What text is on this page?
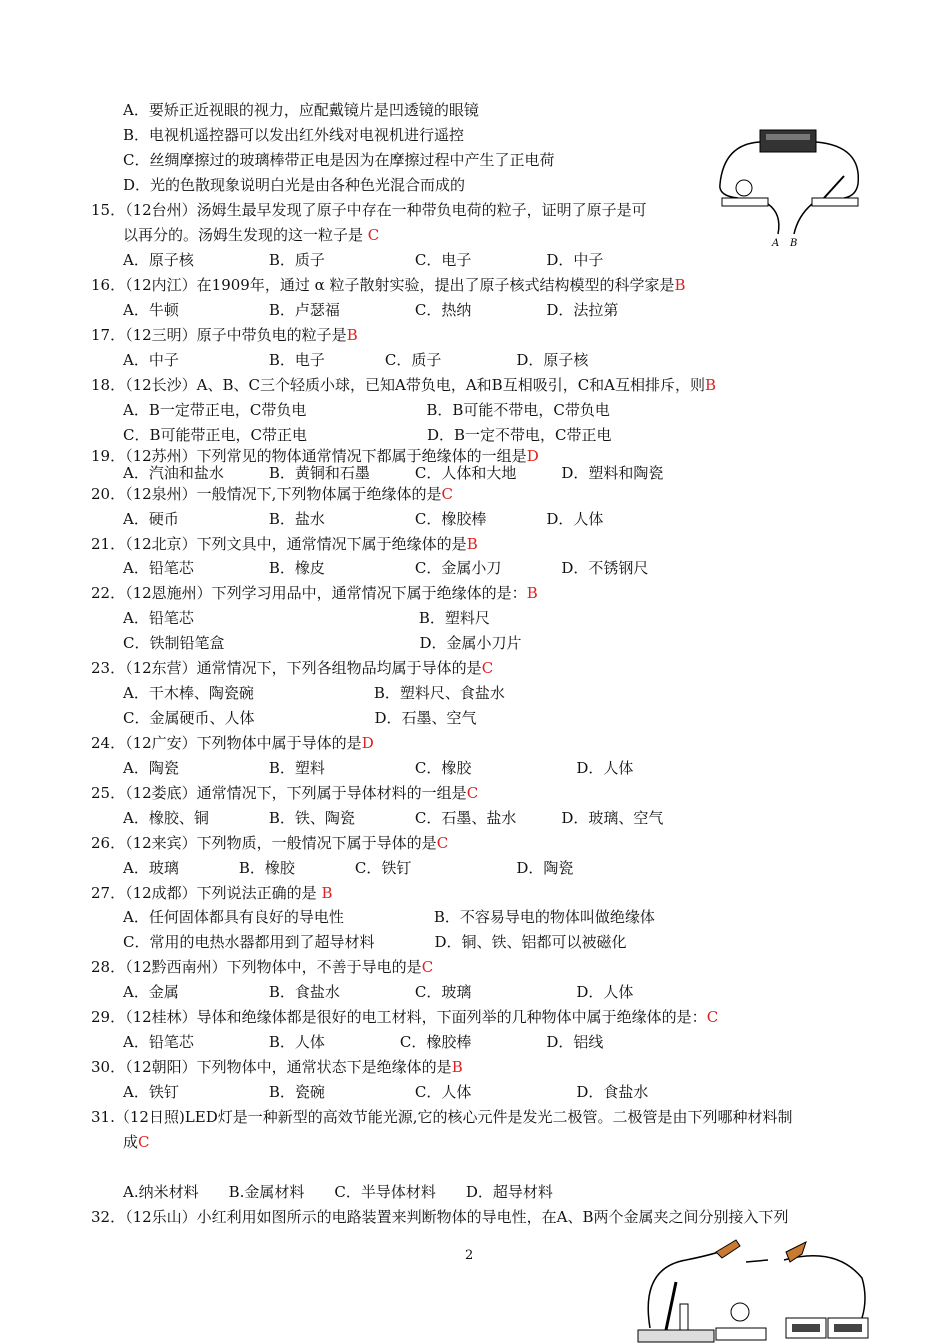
A．要矫正近视眼的视力，应配戴镜片是凹透镜的眼镜
B．电视机遥控器可以发出红外线对电视机进行遥控
C．丝绸摩擦过的玻璃棒带正电是因为在摩擦过程中产生了正电荷
D．光的色散现象说明白光是由各种色光混合而成的
15．（12台州）汤姆生最早发现了原子中存在一种带负电荷的粒子，证明了原子是可
以再分的。汤姆生发现的这一粒子是 C
A．原子核　　　　　B．质子　　　　　　C．电子　　　　　D．中子
16．（12内江）在1909年，通过 α 粒子散射实验，提出了原子核式结构模型的科学家是B
A．牛顿　　　　　　B．卢瑟福　　　　　C．热纳　　　　　D．法拉第
17．（12三明）原子中带负电的粒子是B
A．中子　　　　　　B．电子　　　　C．质子　　　　　D．原子核
18．（12长沙）A、B、C三个轻质小球，已知A带负电，A和B互相吸引，C和A互相排斥，则B
A．B一定带正电，C带负电　　　　　　　　B．B可能不带电，C带负电
C．B可能带正电，C带正电　　　　　　　　D．B一定不带电，C带正电
19．（12苏州）下列常见的物体通常情况下都属于绝缘体的一组是D
A．汽油和盐水　　　B．黄铜和石墨　　　C．人体和大地　　　D．塑料和陶瓷
20．（12泉州）一般情况下,下列物体属于绝缘体的是C
A．硬币　　　　　　B．盐水　　　　　　C．橡胶棒　　　　D．人体
21．（12北京）下列文具中，通常情况下属于绝缘体的是B
A．铅笔芯　　　　　B．橡皮　　　　　　C．金属小刀　　　　D．不锈钢尺
22．（12恩施州）下列学习用品中，通常情况下属于绝缘体的是：B
A．铅笔芯　　　　　　　　　　　　　　　B．塑料尺
C．铁制铅笔盒　　　　　　　　　　　　　D．金属小刀片
23．（12东营）通常情况下，下列各组物品均属于导体的是C
A．干木棒、陶瓷碗　　　　　　　　B．塑料尺、食盐水
C．金属硬币、人体　　　　　　　　D．石墨、空气
24．（12广安）下列物体中属于导体的是D
A．陶瓷　　　　　　B．塑料　　　　　　C．橡胶　　　　　　　D．人体
25．（12娄底）通常情况下，下列属于导体材料的一组是C
A．橡胶、铜　　　　B．铁、陶瓷　　　　C．石墨、盐水　　　D．玻璃、空气
26．（12来宾）下列物质，一般情况下属于导体的是C
A．玻璃　　　　B．橡胶　　　　C．铁钉　　　　　　　D．陶瓷
27．（12成都）下列说法正确的是 B
A．任何固体都具有良好的导电性　　　　　　B．不容易导电的物体叫做绝缘体
C．常用的电热水器都用到了超导材料　　　　D．铜、铁、铝都可以被磁化
28．（12黔西南州）下列物体中，不善于导电的是C
A．金属　　　　　　B．食盐水　　　　　C．玻璃　　　　　　　D．人体
29．（12桂林）导体和绝缘体都是很好的电工材料，下面列举的几种物体中属于绝缘体的是：C
A．铅笔芯　　　　　B．人体　　　　　C．橡胶棒　　　　　D．铝线
30．（12朝阳）下列物体中，通常状态下是绝缘体的是B
A．铁钉　　　　　　B．瓷碗　　　　　　C．人体　　　　　　　D．食盐水
31.（12日照)LED灯是一种新型的高效节能光源,它的核心元件是发光二极管。二极管是由下列哪种材料制
成C
A.纳米材料　　B.金属材料　　C．半导体材料　　D．超导材料
32．（12乐山）小红利用如图所示的电路装置来判断物体的导电性，在A、B两个金属夹之间分别接入下列
A B
2
